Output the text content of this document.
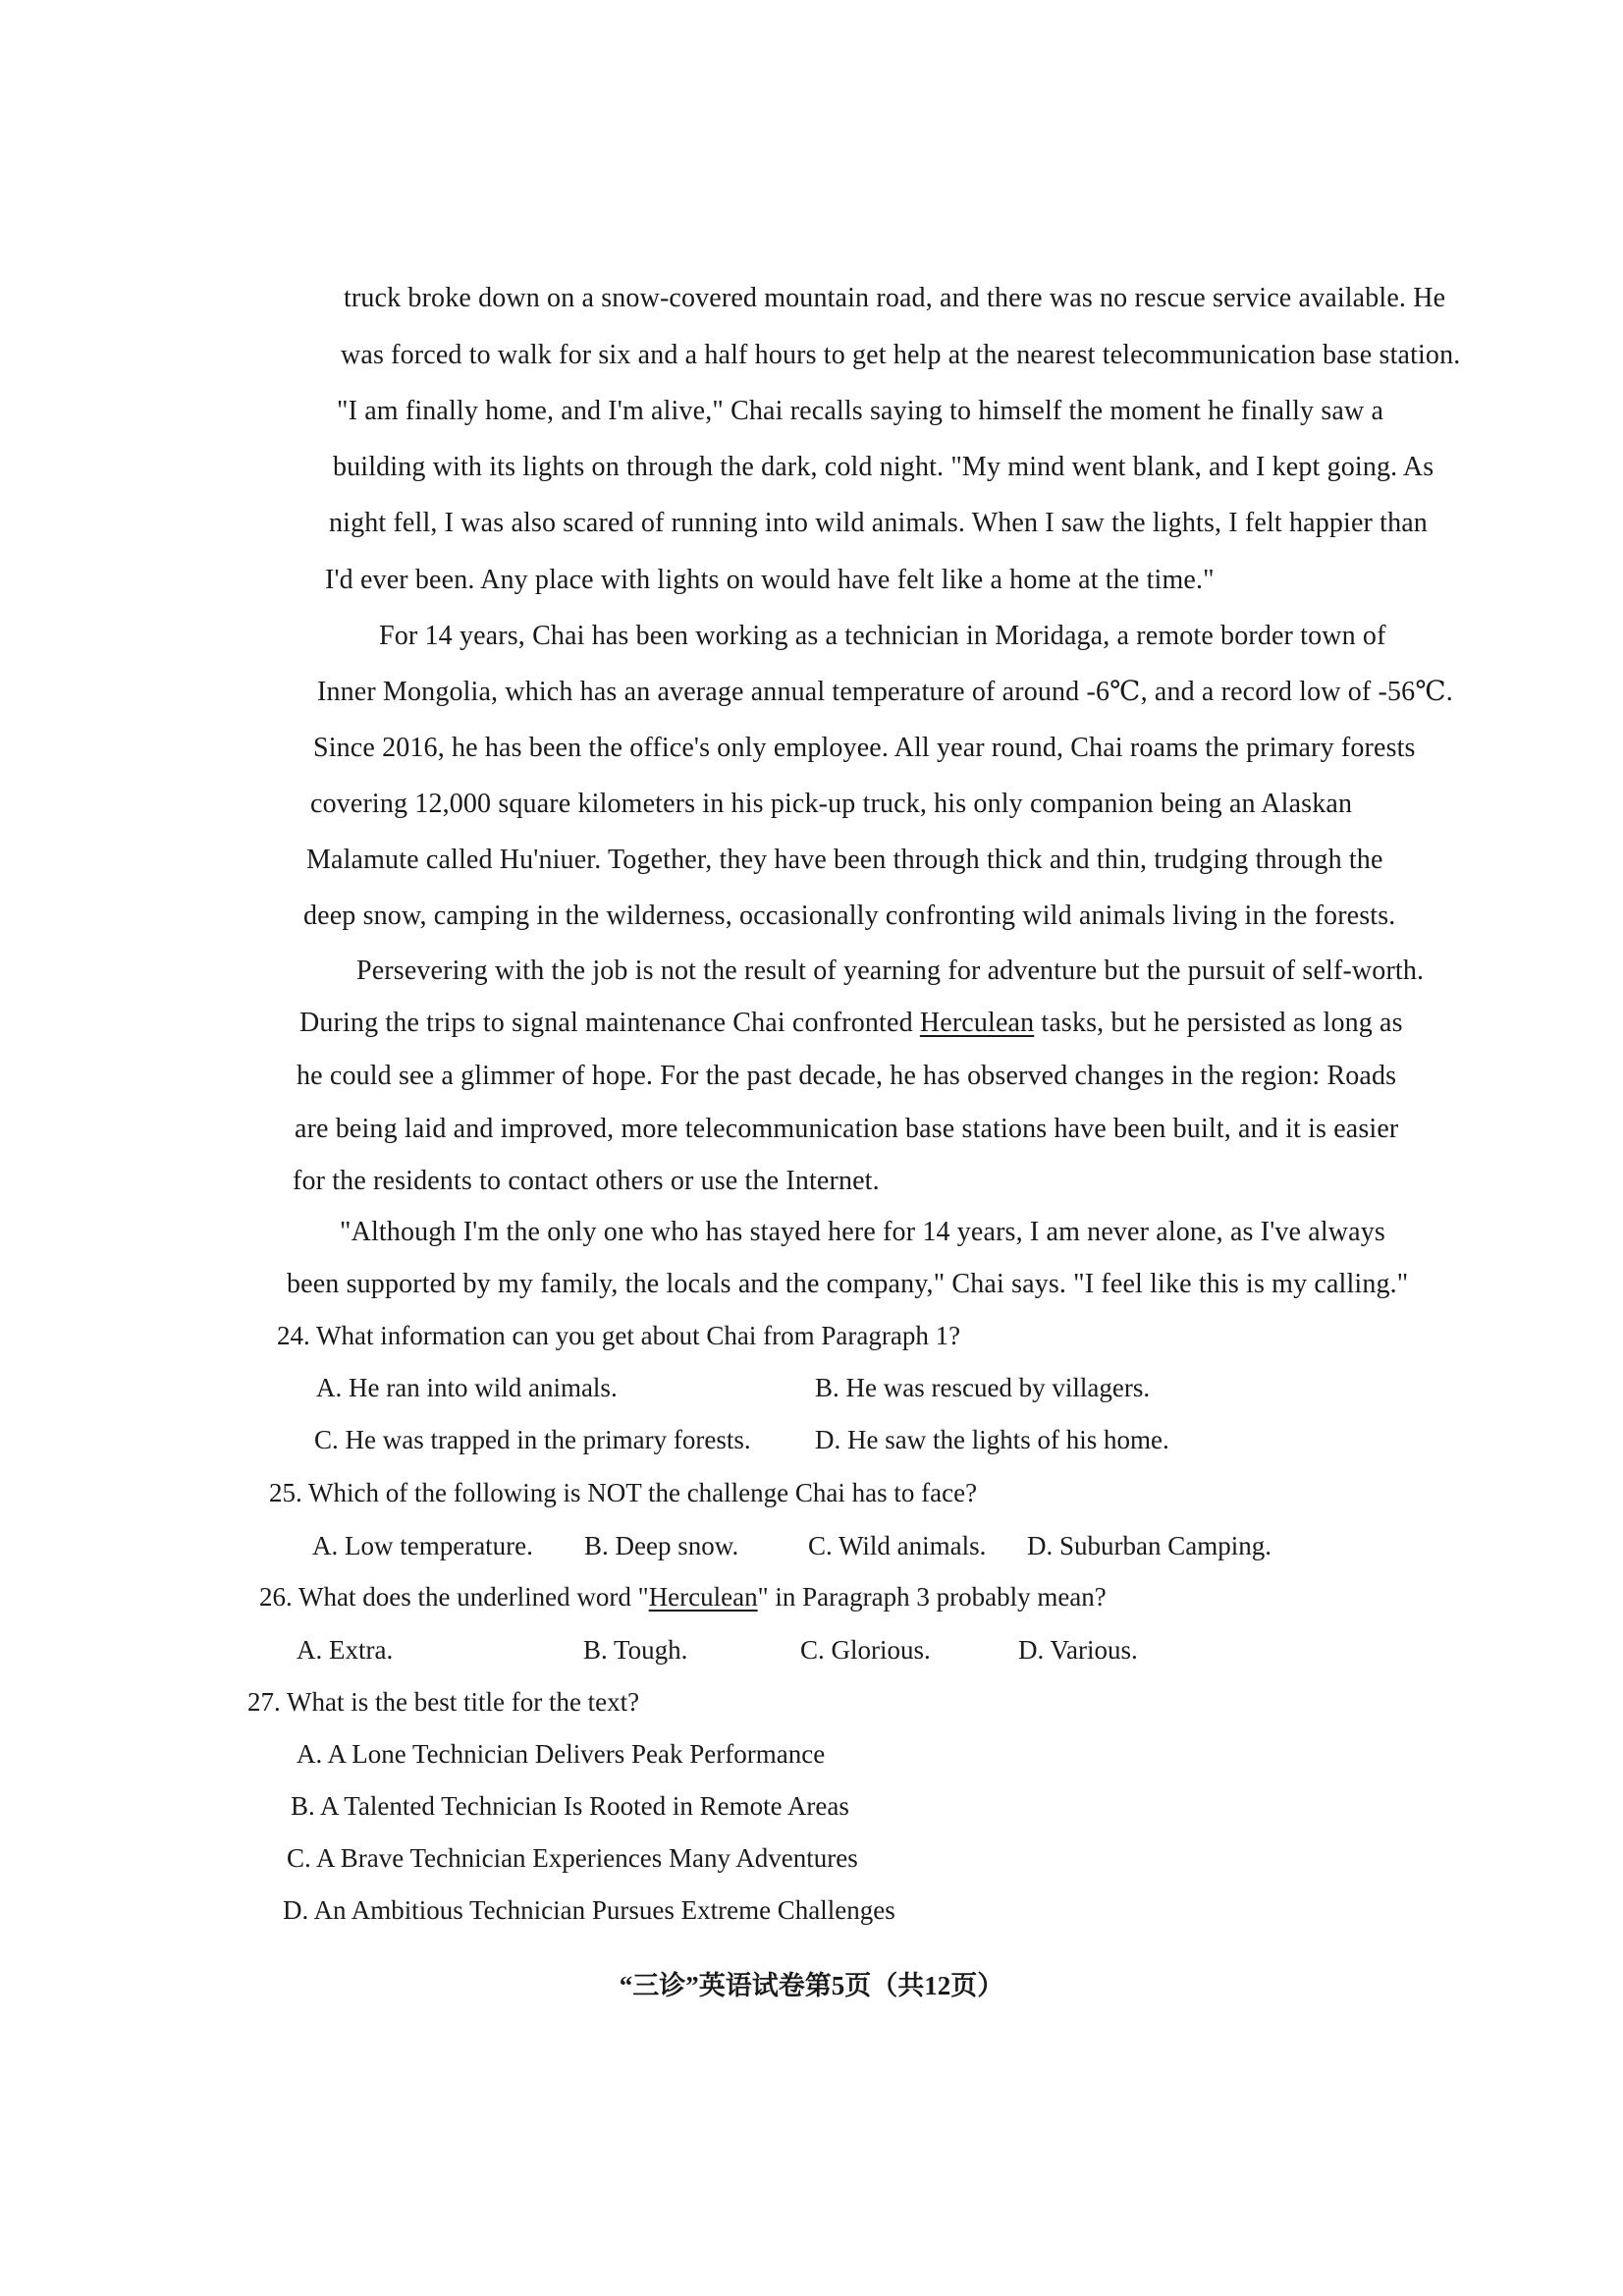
truck broke down on a snow-covered mountain road, and there was no rescue service available. He
was forced to walk for six and a half hours to get help at the nearest telecommunication base station.
"I am finally home, and I'm alive," Chai recalls saying to himself the moment he finally saw a
building with its lights on through the dark, cold night. "My mind went blank, and I kept going. As
night fell, I was also scared of running into wild animals. When I saw the lights, I felt happier than
I'd ever been. Any place with lights on would have felt like a home at the time."
For 14 years, Chai has been working as a technician in Moridaga, a remote border town of
Inner Mongolia, which has an average annual temperature of around -6℃, and a record low of -56℃.
Since 2016, he has been the office's only employee. All year round, Chai roams the primary forests
covering 12,000 square kilometers in his pick-up truck, his only companion being an Alaskan
Malamute called Hu'niuer. Together, they have been through thick and thin, trudging through the
deep snow, camping in the wilderness, occasionally confronting wild animals living in the forests.
Persevering with the job is not the result of yearning for adventure but the pursuit of self-worth.
During the trips to signal maintenance Chai confronted Herculean tasks, but he persisted as long as
he could see a glimmer of hope. For the past decade, he has observed changes in the region: Roads
are being laid and improved, more telecommunication base stations have been built, and it is easier
for the residents to contact others or use the Internet.
"Although I'm the only one who has stayed here for 14 years, I am never alone, as I've always
been supported by my family, the locals and the company," Chai says. "I feel like this is my calling."
24. What information can you get about Chai from Paragraph 1?
A. He ran into wild animals.	B. He was rescued by villagers.
C. He was trapped in the primary forests. D. He saw the lights of his home.
25. Which of the following is NOT the challenge Chai has to face?
A. Low temperature. B. Deep snow.	C. Wild animals. D. Suburban Camping.
26. What does the underlined word "Herculean" in Paragraph 3 probably mean?
A. Extra.	B. Tough.	C. Glorious.	D. Various.
27. What is the best title for the text?
A. A Lone Technician Delivers Peak Performance
B. A Talented Technician Is Rooted in Remote Areas
C. A Brave Technician Experiences Many Adventures
D. An Ambitious Technician Pursues Extreme Challenges
“三诊”英语试卷第5页（共12页）
